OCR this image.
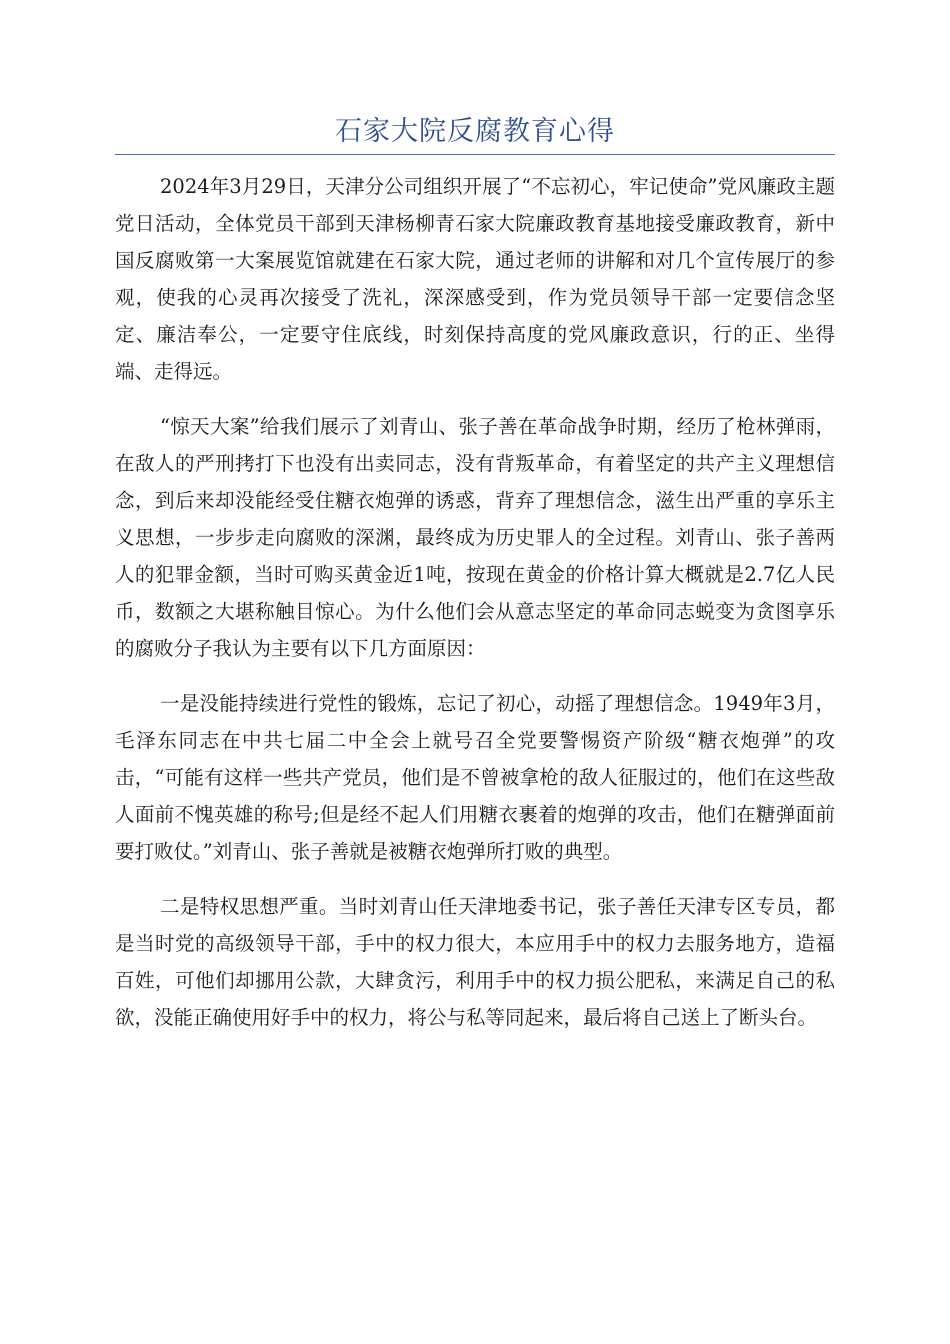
石家大院反腐教育心得

2024年3月29日，天津分公司组织开展了“不忘初心，牢记使命”党风廉政主题党日活动，全体党员干部到天津杨柳青石家大院廉政教育基地接受廉政教育，新中国反腐败第一大案展览馆就建在石家大院，通过老师的讲解和对几个宣传展厅的参观，使我的心灵再次接受了洗礼，深深感受到，作为党员领导干部一定要信念坚定、廉洁奉公，一定要守住底线，时刻保持高度的党风廉政意识，行的正、坐得端、走得远。

“惊天大案”给我们展示了刘青山、张子善在革命战争时期，经历了枪林弹雨，在敌人的严刑拷打下也没有出卖同志，没有背叛革命，有着坚定的共产主义理想信念，到后来却没能经受住糖衣炮弹的诱惑，背弃了理想信念，滋生出严重的享乐主义思想，一步步走向腐败的深渊，最终成为历史罪人的全过程。刘青山、张子善两人的犯罪金额，当时可购买黄金近1吨，按现在黄金的价格计算大概就是2.7亿人民币，数额之大堪称触目惊心。为什么他们会从意志坚定的革命同志蜕变为贪图享乐的腐败分子我认为主要有以下几方面原因：

一是没能持续进行党性的锻炼，忘记了初心，动摇了理想信念。1949年3月，毛泽东同志在中共七届二中全会上就号召全党要警惕资产阶级“糖衣炮弹”的攻击，“可能有这样一些共产党员，他们是不曾被拿枪的敌人征服过的，他们在这些敌人面前不愧英雄的称号;但是经不起人们用糖衣裹着的炮弹的攻击，他们在糖弹面前要打败仗。”刘青山、张子善就是被糖衣炮弹所打败的典型。

二是特权思想严重。当时刘青山任天津地委书记，张子善任天津专区专员，都是当时党的高级领导干部，手中的权力很大，本应用手中的权力去服务地方，造福百姓，可他们却挪用公款，大肆贪污，利用手中的权力损公肥私，来满足自己的私欲，没能正确使用好手中的权力，将公与私等同起来，最后将自己送上了断头台。
